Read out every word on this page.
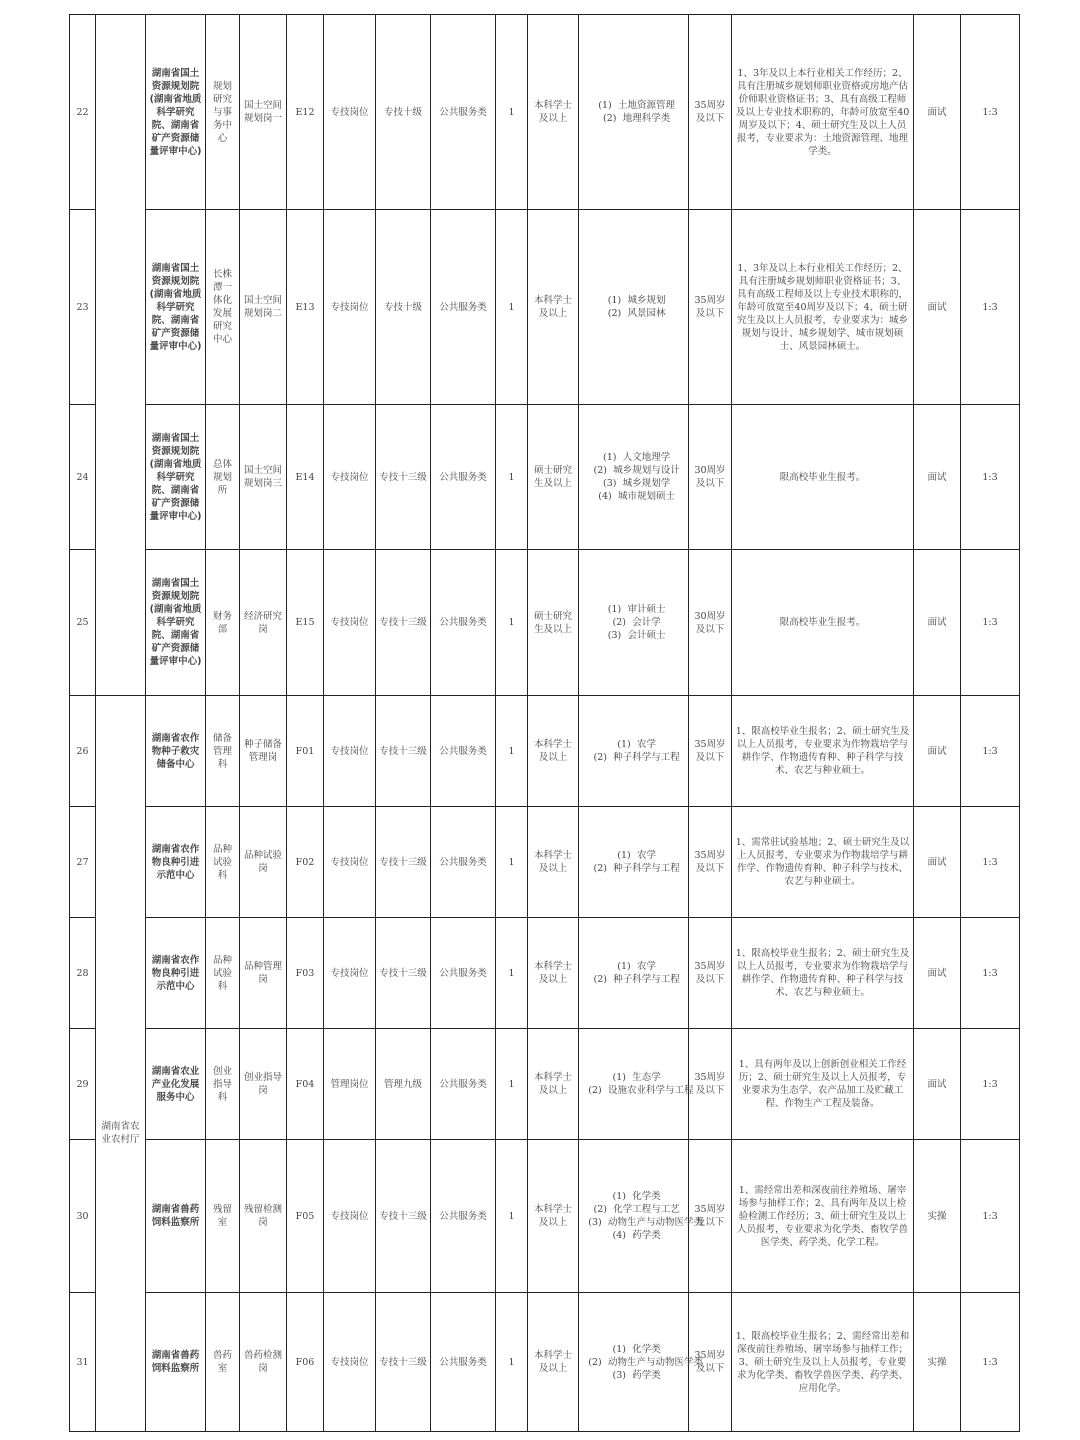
22		湖南省国土资源规划院(湖南省地质科学研究院、湖南省矿产资源储量评审中心)	规划研究与事务中心	国土空间规划岗一	E12	专技岗位	专技十级	公共服务类	1	本科学士及以上	(1) 土地资源管理
(2) 地理科学类	35周岁及以下	1、3年及以上本行业相关工作经历；2、具有注册城乡规划师职业资格或房地产估价师职业资格证书；3、具有高级工程师及以上专业技术职称的，年龄可放宽至40周岁及以下；4、硕士研究生及以上人员报考，专业要求为：土地资源管理、地理学类。	面试	1:3
23		湖南省国土资源规划院(湖南省地质科学研究院、湖南省矿产资源储量评审中心)	长株潭一体化发展研究中心	国土空间规划岗二	E13	专技岗位	专技十级	公共服务类	1	本科学士及以上	(1) 城乡规划
(2) 风景园林	35周岁及以下	1、3年及以上本行业相关工作经历；2、具有注册城乡规划师职业资格证书；3、具有高级工程师及以上专业技术职称的，年龄可放宽至40周岁及以下；4、硕士研究生及以上人员报考，专业要求为：城乡规划与设计、城乡规划学、城市规划硕士、风景园林硕士。	面试	1:3
24		湖南省国土资源规划院(湖南省地质科学研究院、湖南省矿产资源储量评审中心)	总体规划所	国土空间规划岗三	E14	专技岗位	专技十三级	公共服务类	1	硕士研究生及以上	(1) 人文地理学
(2) 城乡规划与设计
(3) 城乡规划学
(4) 城市规划硕士	30周岁及以下	限高校毕业生报考。	面试	1:3
25		湖南省国土资源规划院(湖南省地质科学研究院、湖南省矿产资源储量评审中心)	财务部	经济研究岗	E15	专技岗位	专技十三级	公共服务类	1	硕士研究生及以上	(1) 审计硕士
(2) 会计学
(3) 会计硕士	30周岁及以下	限高校毕业生报考。	面试	1:3
26	湖南省农业农村厅	湖南省农作物种子救灾储备中心	储备管理科	种子储备管理岗	F01	专技岗位	专技十三级	公共服务类	1	本科学士及以上	(1) 农学
(2) 种子科学与工程	35周岁及以下	1、限高校毕业生报名；2、硕士研究生及以上人员报考，专业要求为作物栽培学与耕作学、作物遗传育种、种子科学与技术、农艺与种业硕士。	面试	1:3
27		湖南省农作物良种引进示范中心	品种试验科	品种试验岗	F02	专技岗位	专技十三级	公共服务类	1	本科学士及以上	(1) 农学
(2) 种子科学与工程	35周岁及以下	1、需常驻试验基地；2、硕士研究生及以上人员报考，专业要求为作物栽培学与耕作学、作物遗传育种、种子科学与技术、农艺与种业硕士。	面试	1:3
28		湖南省农作物良种引进示范中心	品种试验科	品种管理岗	F03	专技岗位	专技十三级	公共服务类	1	本科学士及以上	(1) 农学
(2) 种子科学与工程	35周岁及以下	1、限高校毕业生报名；2、硕士研究生及以上人员报考，专业要求为作物栽培学与耕作学、作物遗传育种、种子科学与技术、农艺与种业硕士。	面试	1:3
29		湖南省农业产业化发展服务中心	创业指导科	创业指导岗	F04	管理岗位	管理九级	公共服务类	1	本科学士及以上	(1) 生态学
(2) 设施农业科学与工程	35周岁及以下	1、具有两年及以上创新创业相关工作经历；2、硕士研究生及以上人员报考，专业要求为生态学、农产品加工及贮藏工程、作物生产工程及装备。	面试	1:3
30		湖南省兽药饲料监察所	残留室	残留检测岗	F05	专技岗位	专技十三级	公共服务类	1	本科学士及以上	(1) 化学类
(2) 化学工程与工艺
(3) 动物生产与动物医学类
(4) 药学类	35周岁及以下	1、需经常出差和深夜前往养殖场、屠宰场参与抽样工作；2、具有两年及以上检验检测工作经历；3、硕士研究生及以上人员报考，专业要求为化学类、畜牧学兽医学类、药学类、化学工程。	实操	1:3
31		湖南省兽药饲料监察所	兽药室	兽药检测岗	F06	专技岗位	专技十三级	公共服务类	1	本科学士及以上	(1) 化学类
(2) 动物生产与动物医学类
(3) 药学类	35周岁及以下	1、限高校毕业生报名；2、需经常出差和深夜前往养殖场、屠宰场参与抽样工作；3、硕士研究生及以上人员报考，专业要求为化学类、畜牧学兽医学类、药学类、应用化学。	实操	1:3
